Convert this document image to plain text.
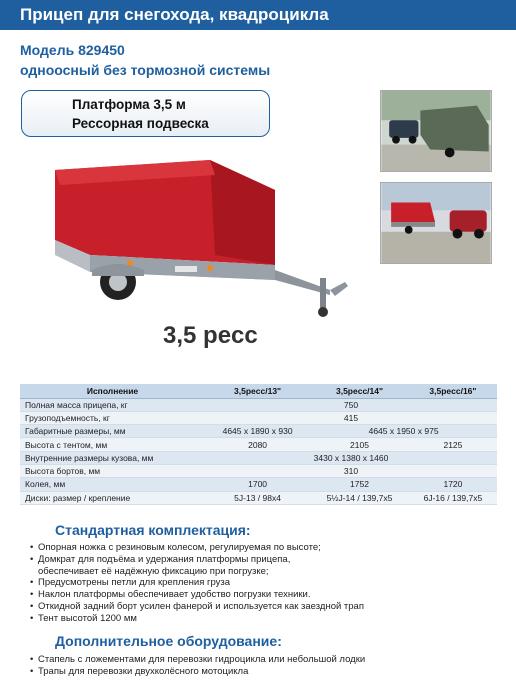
Прицеп для снегохода, квадроцикла
Модель 829450
одноосный без тормозной системы
Платформа 3,5 м
Рессорная подвеска
3,5 pecc
Исполнение	3,5рecc/13"	3,5рecc/14"	3,5рecc/16"
Полная масса прицепа, кг	750		
Грузоподъемность, кг	415		
Габаритные размеры, мм	4645 х 1890 х 930	4645 х 1950 х 975	
Высота с тентом, мм	2080	2105	2125
Внутренние размеры кузова, мм	3430 х 1380 х 1460		
Высота бортов, мм	310		
Колея, мм	1700	1752	1720
Диски: размер / крепление	5J-13 / 98х4	5½J-14 / 139,7х5	6J-16 / 139,7х5
Стандартная комплектация:
• Опорная ножка с резиновым колесом, регулируемая по высоте;
• Домкрат для подъёма и удержания платформы прицепа,
обеспечивает её надёжную фиксацию при погрузке;
• Предусмотрены петли для крепления груза
• Наклон платформы обеспечивает удобство погрузки техники.
• Откидной задний борт усилен фанерой и используется как заездной трап
• Тент высотой 1200 мм
Дополнительное оборудование:
• Стапель с ложементами для перевозки гидроцикла или небольшой лодки
• Трапы для перевозки двухколёсного мотоцикла
